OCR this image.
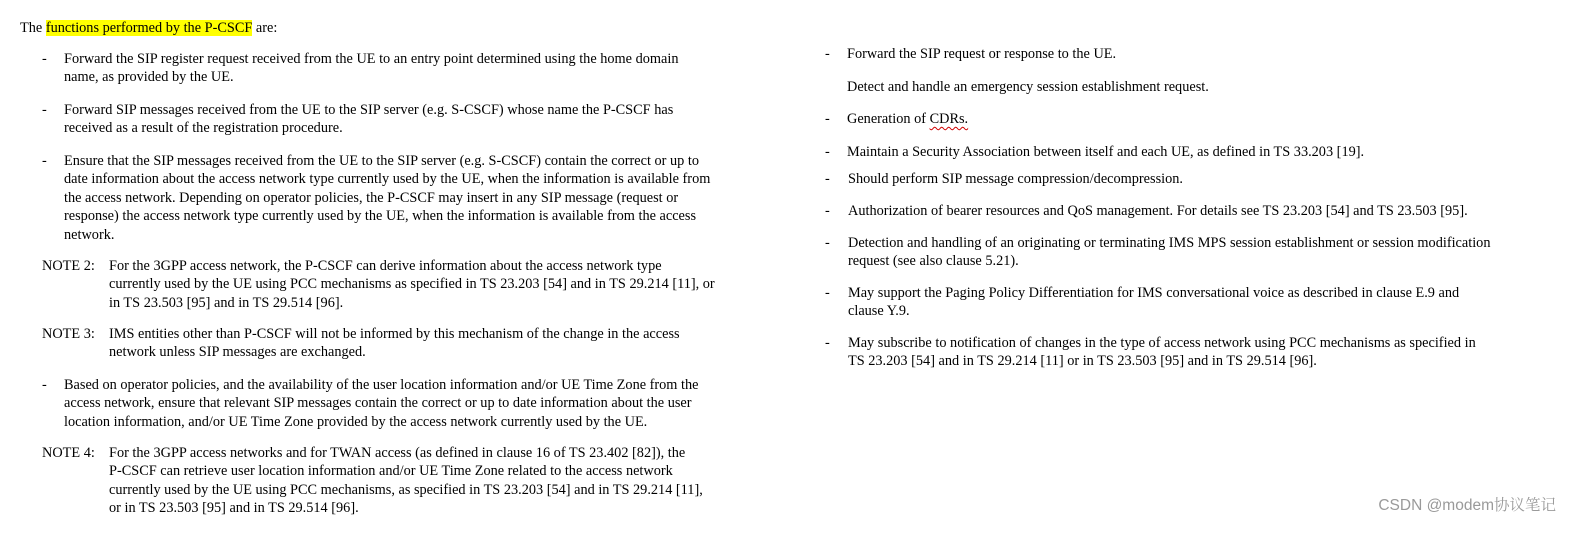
The functions performed by the P-CSCF are:
- Forward the SIP register request received from the UE to an entry point determined using the home domain
name, as provided by the UE.
- Forward SIP messages received from the UE to the SIP server (e.g. S-CSCF) whose name the P-CSCF has
received as a result of the registration procedure.
- Ensure that the SIP messages received from the UE to the SIP server (e.g. S-CSCF) contain the correct or up to
date information about the access network type currently used by the UE, when the information is available from
the access network. Depending on operator policies, the P-CSCF may insert in any SIP message (request or
response) the access network type currently used by the UE, when the information is available from the access
network.
NOTE 2: For the 3GPP access network, the P-CSCF can derive information about the access network type
currently used by the UE using PCC mechanisms as specified in TS 23.203 [54] and in TS 29.214 [11], or
in TS 23.503 [95] and in TS 29.514 [96].
NOTE 3: IMS entities other than P-CSCF will not be informed by this mechanism of the change in the access
network unless SIP messages are exchanged.
- Based on operator policies, and the availability of the user location information and/or UE Time Zone from the
access network, ensure that relevant SIP messages contain the correct or up to date information about the user
location information, and/or UE Time Zone provided by the access network currently used by the UE.
NOTE 4: For the 3GPP access networks and for TWAN access (as defined in clause 16 of TS 23.402 [82]), the
P-CSCF can retrieve user location information and/or UE Time Zone related to the access network
currently used by the UE using PCC mechanisms, as specified in TS 23.203 [54] and in TS 29.214 [11],
or in TS 23.503 [95] and in TS 29.514 [96].
- Forward the SIP request or response to the UE.
Detect and handle an emergency session establishment request.
- Generation of CDRs.
- Maintain a Security Association between itself and each UE, as defined in TS 33.203 [19].
- Should perform SIP message compression/decompression.
- Authorization of bearer resources and QoS management. For details see TS 23.203 [54] and TS 23.503 [95].
- Detection and handling of an originating or terminating IMS MPS session establishment or session modification
request (see also clause 5.21).
- May support the Paging Policy Differentiation for IMS conversational voice as described in clause E.9 and
clause Y.9.
- May subscribe to notification of changes in the type of access network using PCC mechanisms as specified in
TS 23.203 [54] and in TS 29.214 [11] or in TS 23.503 [95] and in TS 29.514 [96].
CSDN @modem协议笔记
